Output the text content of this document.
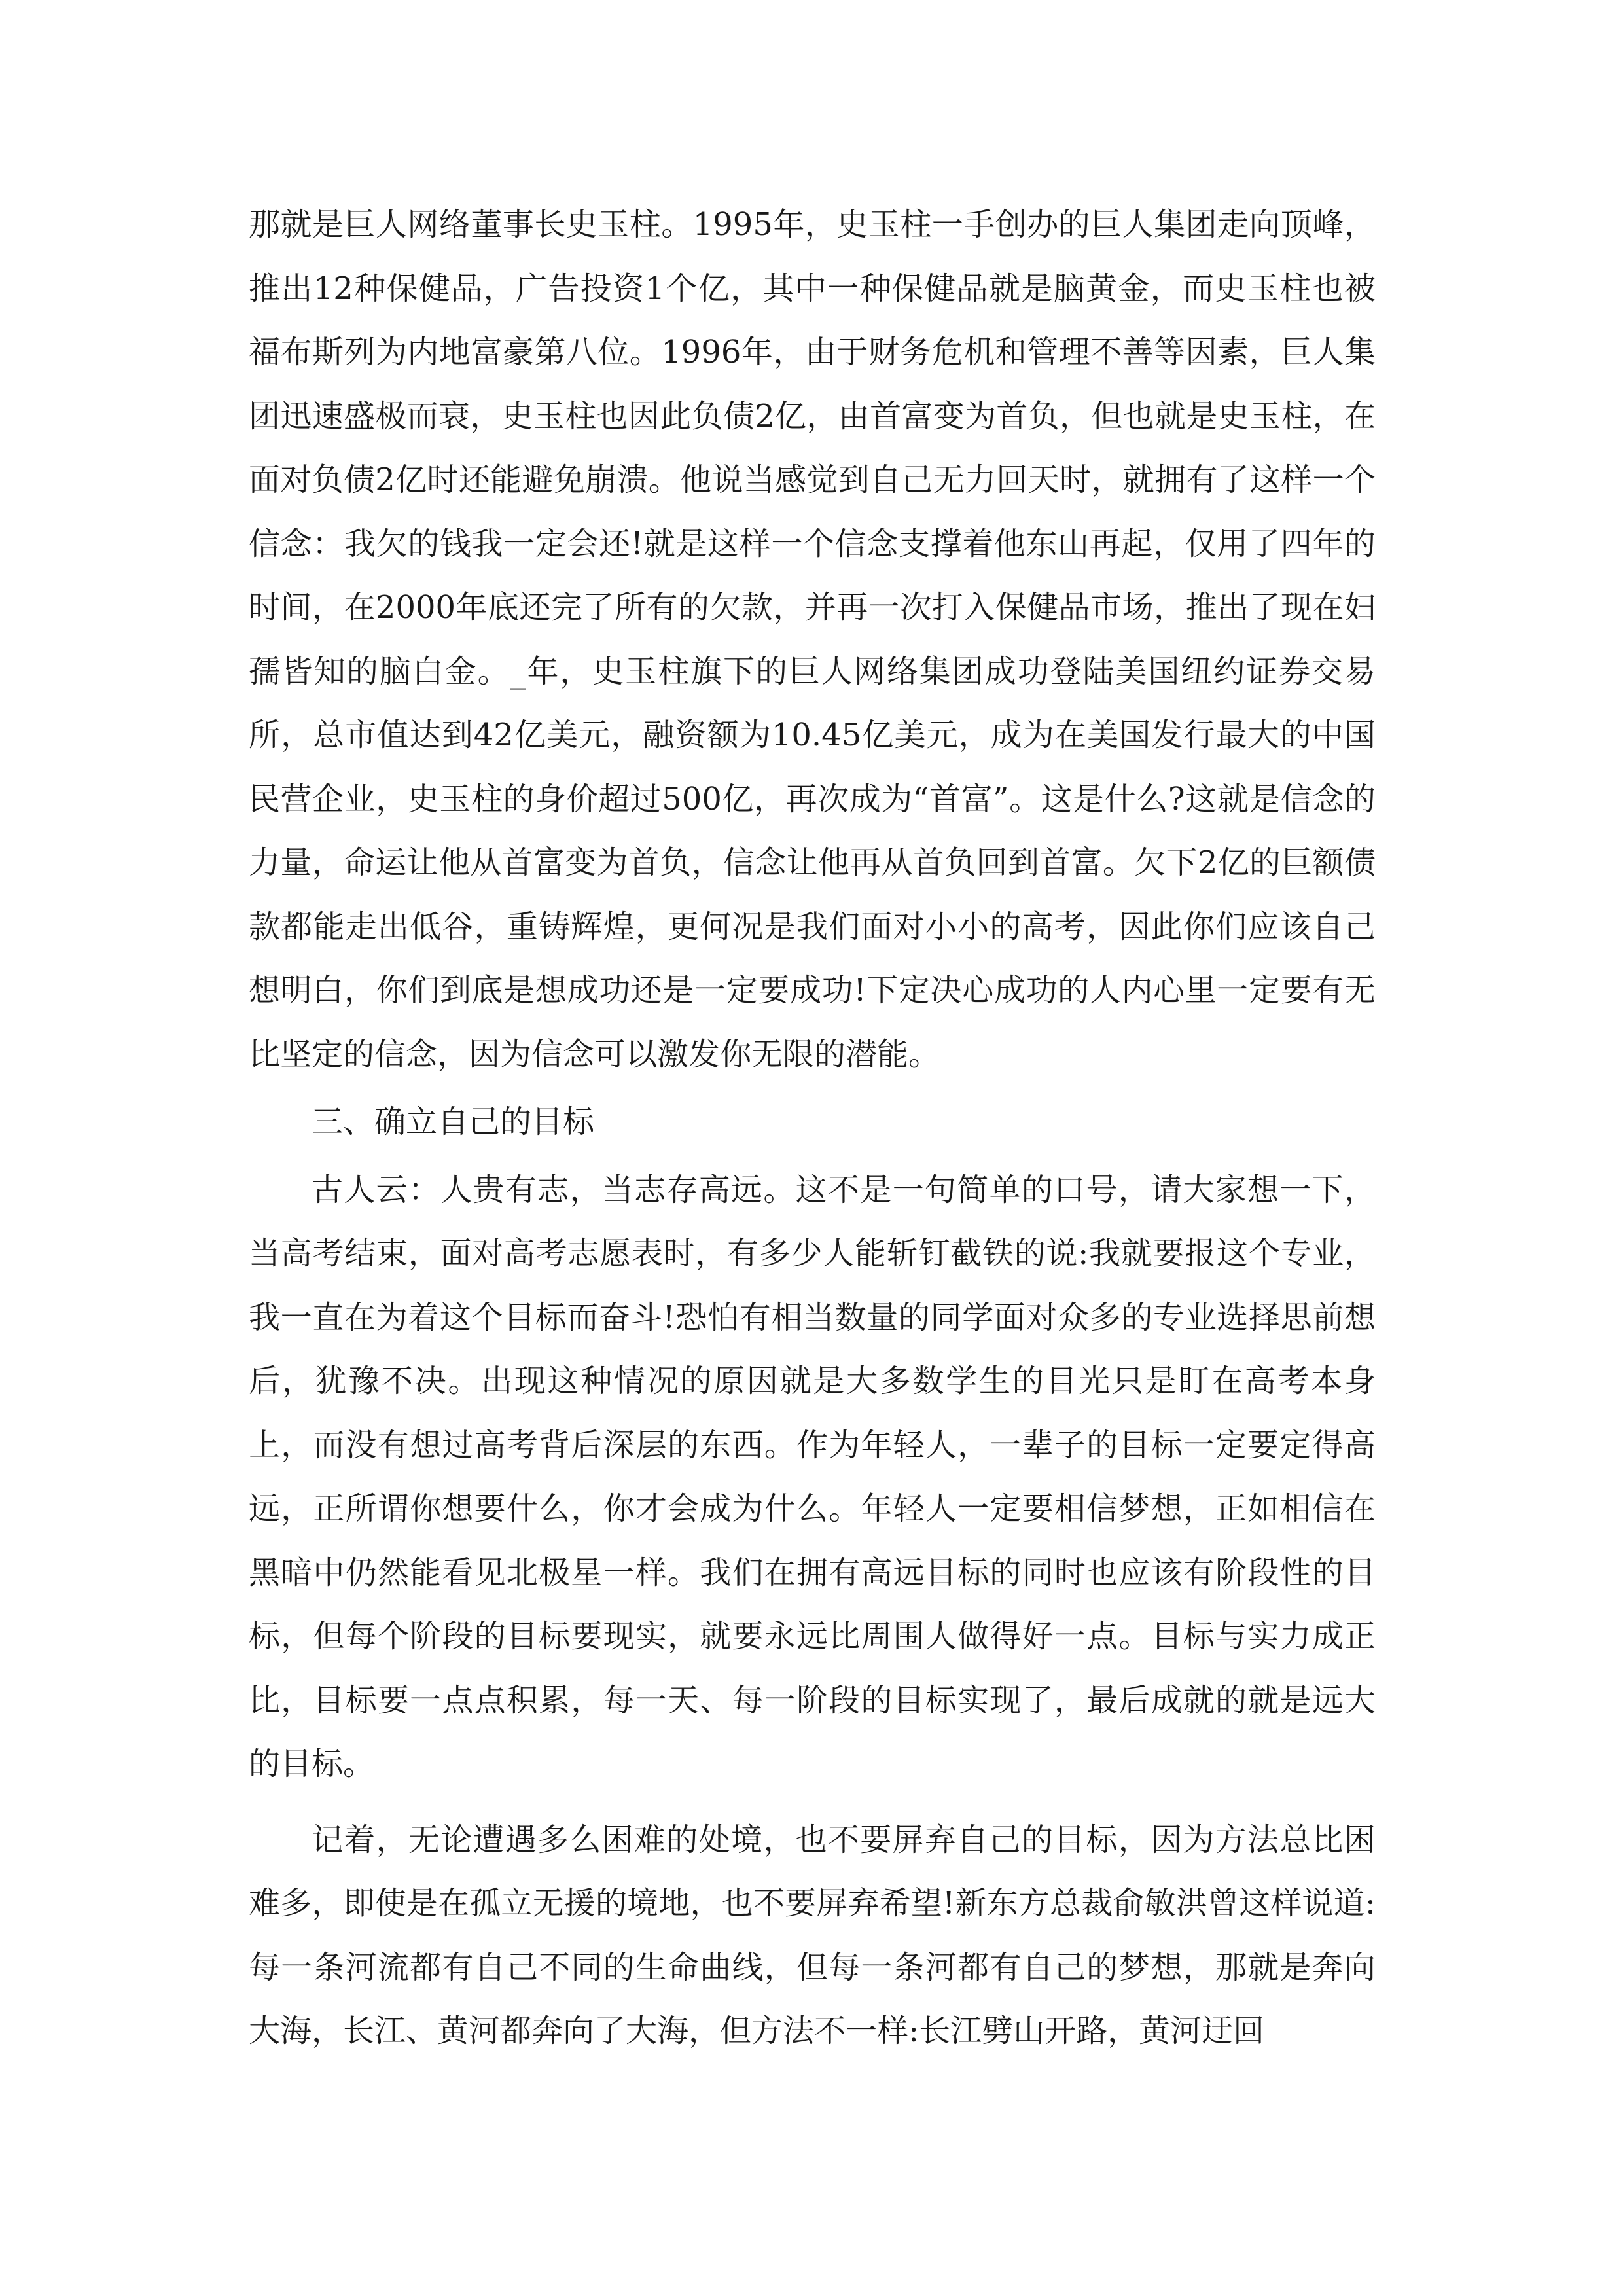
那就是巨人网络董事长史玉柱。1995年，史玉柱一手创办的巨人集团走向顶峰，推出12种保健品，广告投资1个亿，其中一种保健品就是脑黄金，而史玉柱也被福布斯列为内地富豪第八位。1996年，由于财务危机和管理不善等因素，巨人集团迅速盛极而衰，史玉柱也因此负债2亿，由首富变为首负，但也就是史玉柱，在面对负债2亿时还能避免崩溃。他说当感觉到自己无力回天时，就拥有了这样一个信念：我欠的钱我一定会还!就是这样一个信念支撑着他东山再起，仅用了四年的时间，在2000年底还完了所有的欠款，并再一次打入保健品市场，推出了现在妇孺皆知的脑白金。_年，史玉柱旗下的巨人网络集团成功登陆美国纽约证券交易所，总市值达到42亿美元，融资额为10.45亿美元，成为在美国发行最大的中国民营企业，史玉柱的身价超过500亿，再次成为“首富”。这是什么?这就是信念的力量，命运让他从首富变为首负，信念让他再从首负回到首富。欠下2亿的巨额债款都能走出低谷，重铸辉煌，更何况是我们面对小小的高考，因此你们应该自己想明白，你们到底是想成功还是一定要成功!下定决心成功的人内心里一定要有无比坚定的信念，因为信念可以激发你无限的潜能。

三、确立自己的目标

古人云：人贵有志，当志存高远。这不是一句简单的口号，请大家想一下，当高考结束，面对高考志愿表时，有多少人能斩钉截铁的说:我就要报这个专业，我一直在为着这个目标而奋斗!恐怕有相当数量的同学面对众多的专业选择思前想后，犹豫不决。出现这种情况的原因就是大多数学生的目光只是盯在高考本身上，而没有想过高考背后深层的东西。作为年轻人，一辈子的目标一定要定得高远，正所谓你想要什么，你才会成为什么。年轻人一定要相信梦想，正如相信在黑暗中仍然能看见北极星一样。我们在拥有高远目标的同时也应该有阶段性的目标，但每个阶段的目标要现实，就要永远比周围人做得好一点。目标与实力成正比，目标要一点点积累，每一天、每一阶段的目标实现了，最后成就的就是远大的目标。

记着，无论遭遇多么困难的处境，也不要屏弃自己的目标，因为方法总比困难多，即使是在孤立无援的境地，也不要屏弃希望!新东方总裁俞敏洪曾这样说道:每一条河流都有自己不同的生命曲线，但每一条河都有自己的梦想，那就是奔向大海，长江、黄河都奔向了大海，但方法不一样:长江劈山开路，黄河迂回
